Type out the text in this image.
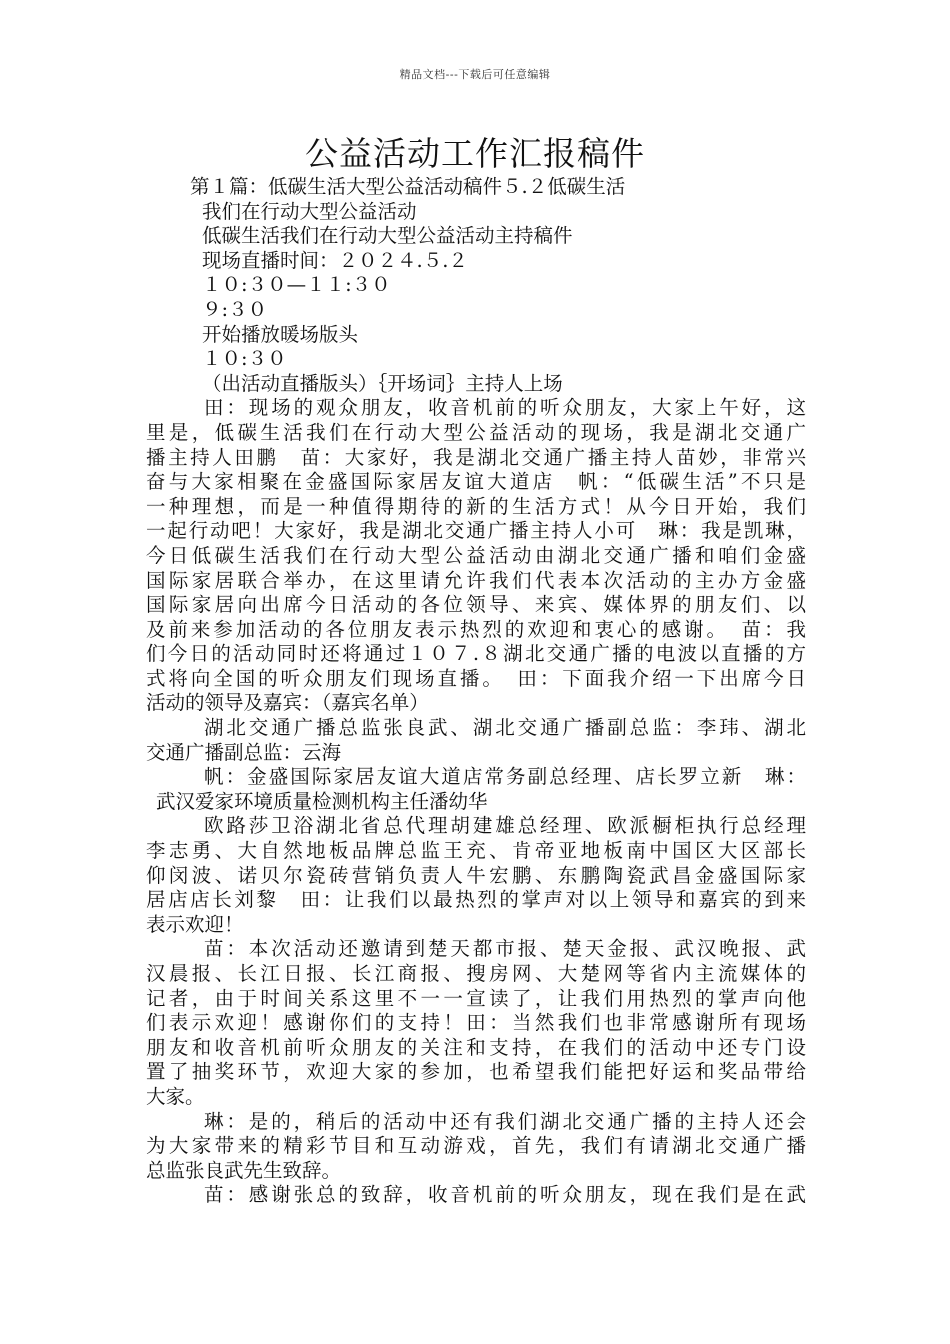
精品文档---下载后可任意编辑
公益活动工作汇报稿件
第１篇：低碳生活大型公益活动稿件５.２低碳生活
我们在行动大型公益活动
低碳生活我们在行动大型公益活动主持稿件
现场直播时间：２０２４.５.２
１０:３０—１１:３０
９:３０
开始播放暖场版头
１０:３０
（出活动直播版头）｛开场词｝主持人上场
田：现场的观众朋友，收音机前的听众朋友，大家上午好，这
里是，低碳生活我们在行动大型公益活动的现场，我是湖北交通广
播主持人田鹏　苗：大家好，我是湖北交通广播主持人苗妙，非常兴
奋与大家相聚在金盛国际家居友谊大道店　帆：“低碳生活”不只是
一种理想，而是一种值得期待的新的生活方式！从今日开始，我们
一起行动吧！大家好，我是湖北交通广播主持人小可　琳：我是凯琳，
今日低碳生活我们在行动大型公益活动由湖北交通广播和咱们金盛
国际家居联合举办，在这里请允许我们代表本次活动的主办方金盛
国际家居向出席今日活动的各位领导、来宾、媒体界的朋友们、以
及前来参加活动的各位朋友表示热烈的欢迎和衷心的感谢。　苗：我
们今日的活动同时还将通过１０７.８湖北交通广播的电波以直播的方
式将向全国的听众朋友们现场直播。　田：下面我介绍一下出席今日
活动的领导及嘉宾：（嘉宾名单）
湖北交通广播总监张良武、湖北交通广播副总监：李玮、湖北
交通广播副总监：云海
帆：金盛国际家居友谊大道店常务副总经理、店长罗立新　琳：
武汉爱家环境质量检测机构主任潘幼华
欧路莎卫浴湖北省总代理胡建雄总经理、欧派橱柜执行总经理
李志勇、大自然地板品牌总监王充、肯帝亚地板南中国区大区部长
仰闵波、诺贝尔瓷砖营销负责人牛宏鹏、东鹏陶瓷武昌金盛国际家
居店店长刘黎　田：让我们以最热烈的掌声对以上领导和嘉宾的到来
表示欢迎！
苗：本次活动还邀请到楚天都市报、楚天金报、武汉晚报、武
汉晨报、长江日报、长江商报、搜房网、大楚网等省内主流媒体的
记者，由于时间关系这里不一一宣读了，让我们用热烈的掌声向他
们表示欢迎！感谢你们的支持！田：当然我们也非常感谢所有现场
朋友和收音机前听众朋友的关注和支持，在我们的活动中还专门设
置了抽奖环节，欢迎大家的参加，也希望我们能把好运和奖品带给
大家。
琳：是的，稍后的活动中还有我们湖北交通广播的主持人还会
为大家带来的精彩节目和互动游戏，首先，我们有请湖北交通广播
总监张良武先生致辞。
苗：感谢张总的致辞，收音机前的听众朋友，现在我们是在武
